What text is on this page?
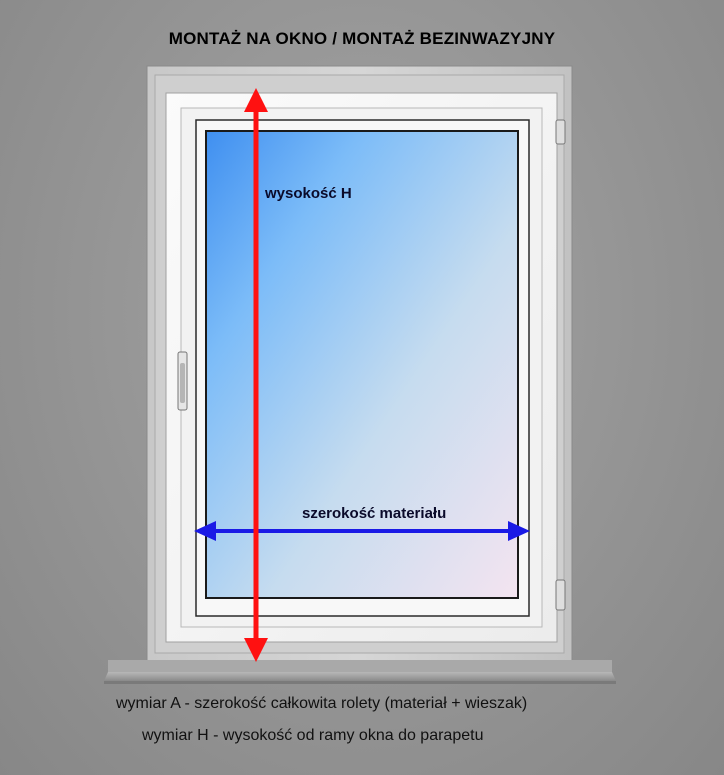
MONTAŻ NA OKNO / MONTAŻ BEZINWAZYJNY
wysokość H
szerokość materiału
wymiar A - szerokość całkowita rolety (materiał + wieszak)
wymiar H - wysokość od ramy okna do parapetu
